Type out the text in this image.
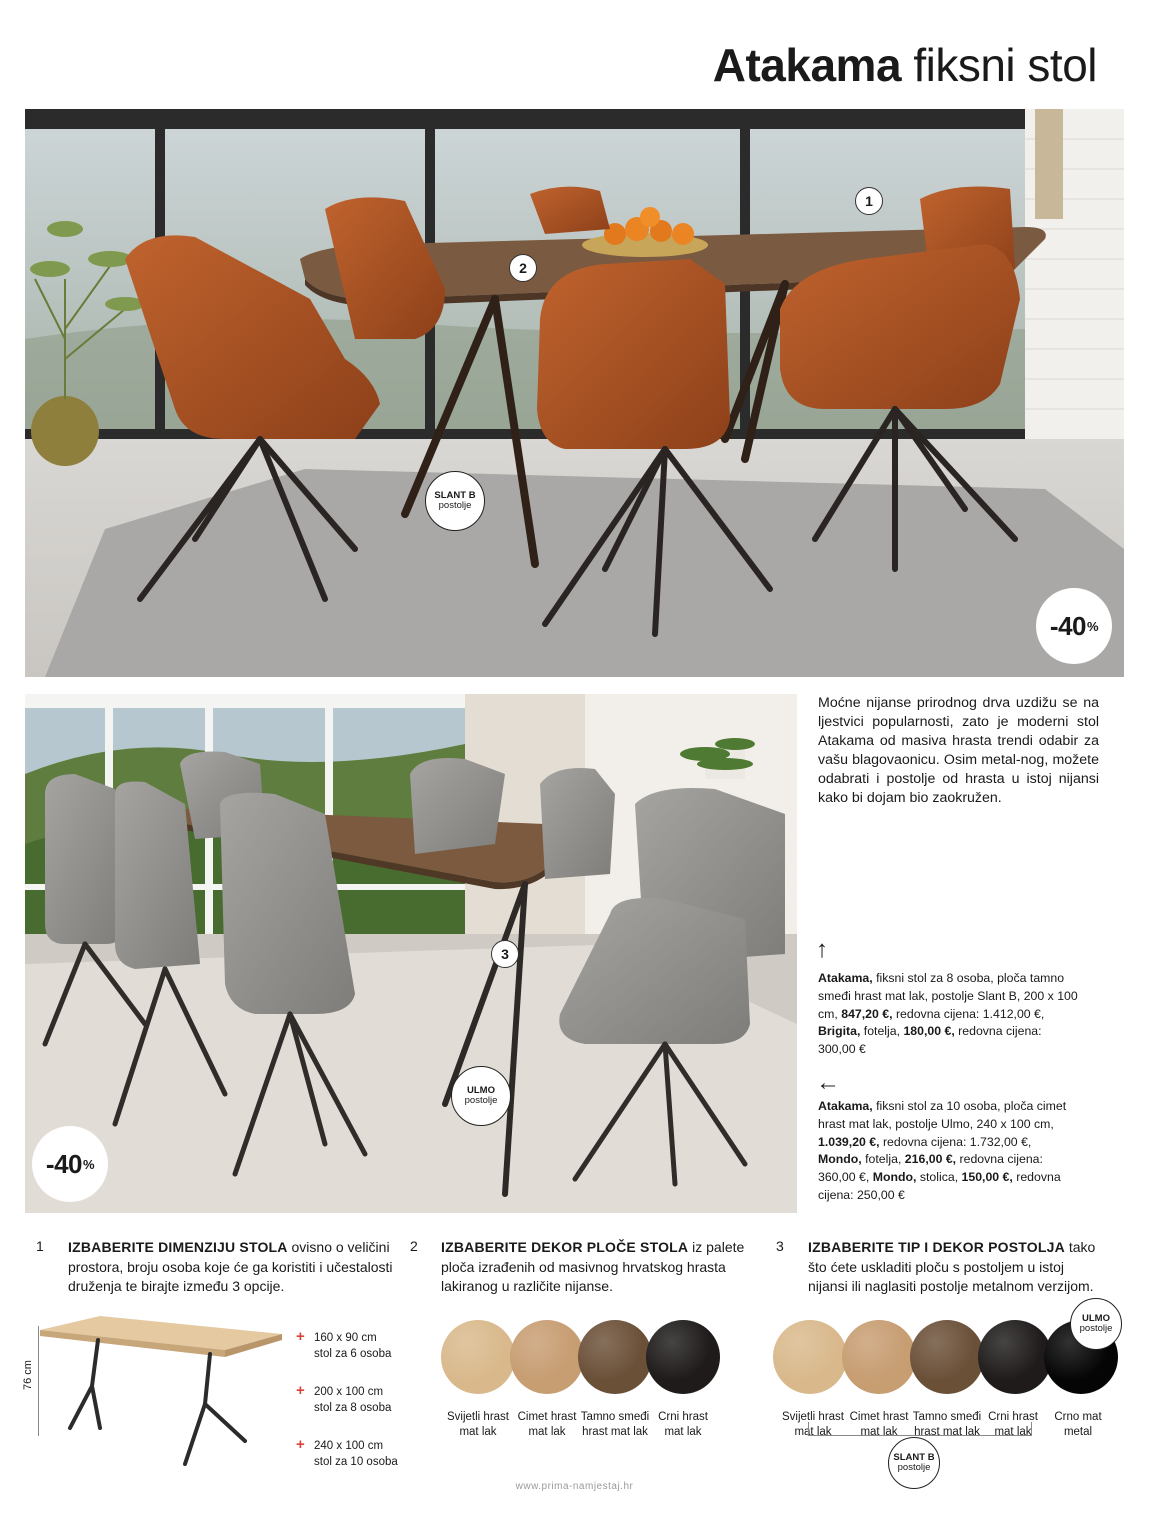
Atakama fiksni stol
1
2
SLANT B
postolje
-40 %
3
ULMO
postolje
-40 %

Moćne nijanse prirodnog drva uzdižu se na ljestvici popularnosti, zato je moderni stol Atakama od masiva hrasta trendi odabir za vašu blagovaonicu. Osim metal-nog, možete odabrati i postolje od hrasta u istoj nijansi kako bi dojam bio zaokružen.

↑

Atakama, fiksni stol za 8 osoba, ploča tamno smeđi hrast mat lak, postolje Slant B, 200 x 100 cm, 847,20 €, redovna cijena: 1.412,00 €, Brigita, fotelja, 180,00 €, redovna cijena: 300,00 €

←

Atakama, fiksni stol za 10 osoba, ploča cimet hrast mat lak, postolje Ulmo, 240 x 100 cm, 1.039,20 €, redovna cijena: 1.732,00 €, Mondo, fotelja, 216,00 €, redovna cijena: 360,00 €, Mondo, stolica, 150,00 €, redovna cijena: 250,00 €

1 IZBABERITE DIMENZIJU STOLA ovisno o veličini prostora, broju osoba koje će ga koristiti i učestalosti druženja te birajte između 3 opcije.

2 IZBABERITE DEKOR PLOČE STOLA iz palete ploča izrađenih od masivnog hrvatskog hrasta lakiranog u različite nijanse.

3 IZBABERITE TIP I DEKOR POSTOLJA tako što ćete uskladiti ploču s postoljem u istoj nijansi ili naglasiti postolje metalnom verzijom.

76 cm
+ 160 x 90 cm
stol za 6 osoba
+ 200 x 100 cm
stol za 8 osoba
+ 240 x 100 cm
stol za 10 osoba
Svijetli hrast
mat lak
Cimet hrast
mat lak
Tamno smeđi
hrast mat lak
Crni hrast
mat lak
Svijetli hrast
mat lak
Cimet hrast
mat lak
Tamno smeđi
hrast mat lak
Crni hrast
mat lak
Crno mat
metal
ULMO
postolje
SLANT B
postolje
www.prima-namjestaj.hr
